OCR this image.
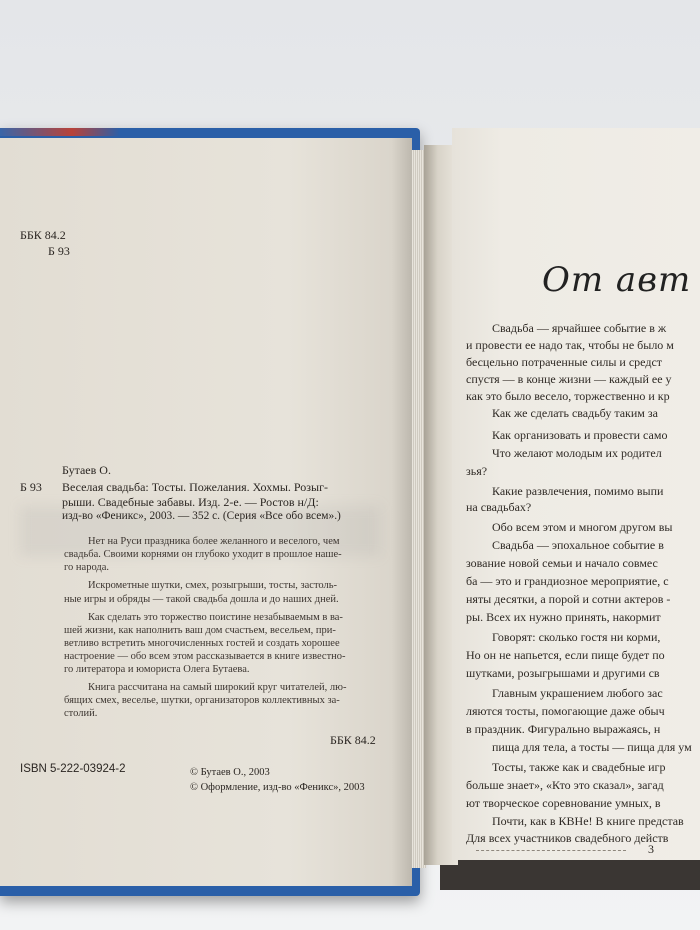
ББК 84.2
Б 93
Бутаев О.
Б 93 Веселая свадьба: Тосты. Пожелания. Хохмы. Розыг-
рыши. Свадебные забавы. Изд. 2-е. — Ростов н/Д:
изд-во «Феникс», 2003. — 352 с. (Серия «Все обо всем».)
Нет на Руси праздника более желанного и веселого, чем
свадьба. Своими корнями он глубоко уходит в прошлое наше-
го народа.
Искрометные шутки, смех, розыгрыши, тосты, застоль-
ные игры и обряды — такой свадьба дошла и до наших дней.
Как сделать это торжество поистине незабываемым в ва-
шей жизни, как наполнить ваш дом счастьем, весельем, при-
ветливо встретить многочисленных гостей и создать хорошее
настроение — обо всем этом рассказывается в книге известно-
го литератора и юмориста Олега Бутаева.
Книга рассчитана на самый широкий круг читателей, лю-
бящих смех, веселье, шутки, организаторов коллективных за-
столий.
ББК 84.2
ISBN 5-222-03924-2	© Бутаев О., 2003
© Оформление, изд-во «Феникс», 2003
От авт
Свадьба — ярчайшее событие в ж
и провести ее надо так, чтобы не было м
бесцельно потраченные силы и средст
спустя — в конце жизни — каждый ее у
как это было весело, торжественно и кр
Как же сделать свадьбу таким за
Как организовать и провести само
Что желают молодым их родител
зья?
Какие развлечения, помимо выпи
на свадьбах?
Обо всем этом и многом другом вы
Свадьба — эпохальное событие в
зование новой семьи и начало совмес
ба — это и грандиозное мероприятие, с
няты десятки, а порой и сотни актеров -
ры. Всех их нужно принять, накормит
Говорят: сколько гостя ни корми,
Но он не напьется, если пище будет по
шутками, розыгрышами и другими св
Главным украшением любого зас
ляются тосты, помогающие даже обыч
в праздник. Фигурально выражаясь, н
пища для тела, а тосты — пища для ум
Тосты, также как и свадебные игр
больше знает», «Кто это сказал», загад
ют творческое соревнование умных, в
Почти, как в КВНе! В книге представ
Для всех участников свадебного действ
3
